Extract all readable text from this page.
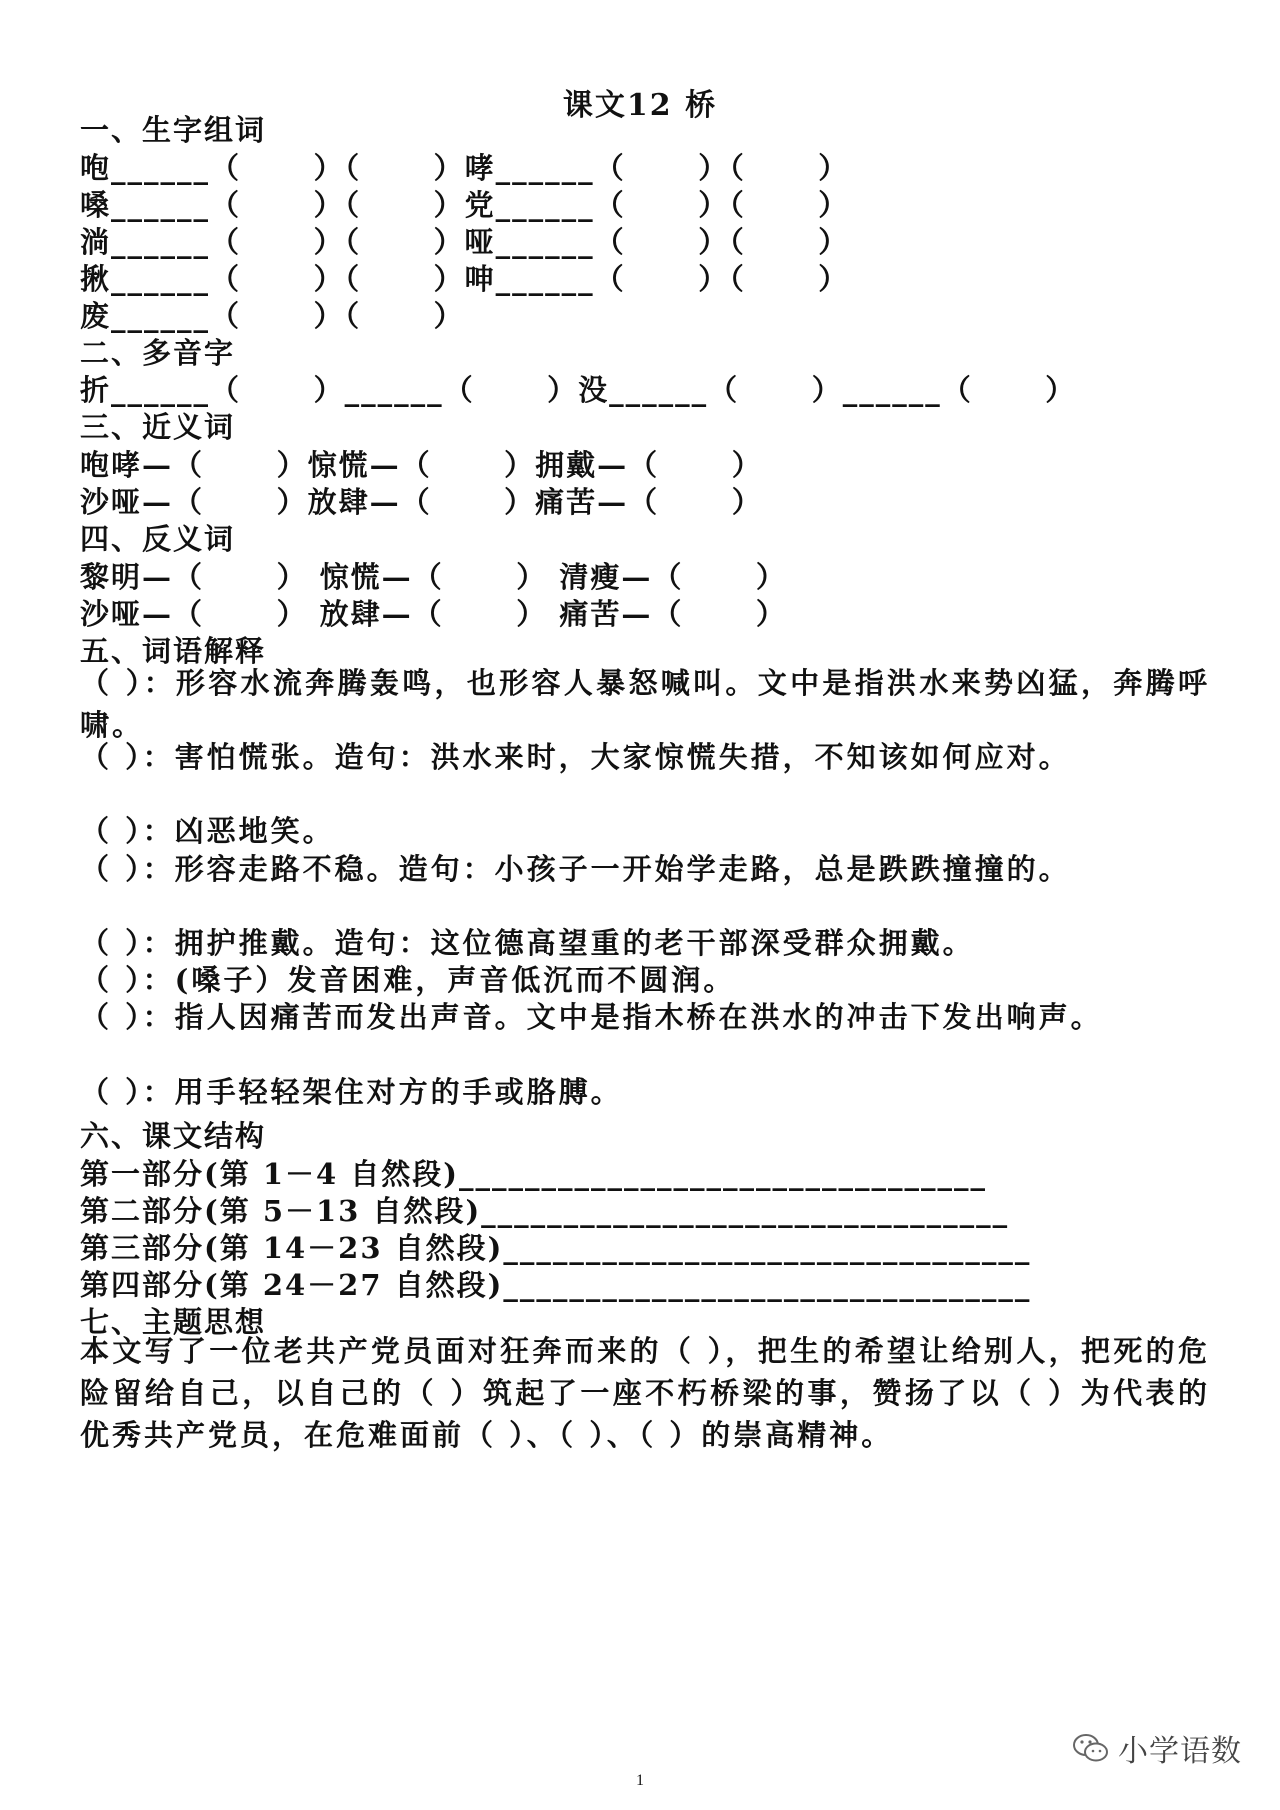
课文12 桥
一、生字组词
咆______（      ）（      ）哮______（      ）（      ）
嗓______（      ）（      ）党______（      ）（      ）
淌______（      ）（      ）哑______（      ）（      ）
揪______（      ）（      ）呻______（      ）（      ）
废______（      ）（      ）
二、多音字
折______（      ）______（      ）没______（      ）______（      ）
三、近义词
咆哮—（      ）惊慌—（      ）拥戴—（      ）
沙哑—（      ）放肆—（      ）痛苦—（      ）
四、反义词
黎明—（      ） 惊慌—（      ） 清瘦—（      ）
沙哑—（      ） 放肆—（      ） 痛苦—（      ）
五、词语解释
（ ）：形容水流奔腾轰鸣，也形容人暴怒喊叫。文中是指洪水来势凶猛，奔腾呼啸。
（ ）：害怕慌张。造句：洪水来时，大家惊慌失措，不知该如何应对。
（ ）：凶恶地笑。
（ ）：形容走路不稳。造句：小孩子一开始学走路，总是跌跌撞撞的。
（ ）：拥护推戴。造句：这位德高望重的老干部深受群众拥戴。
（ ）：(嗓子）发音困难，声音低沉而不圆润。
（ ）：指人因痛苦而发出声音。文中是指木桥在洪水的冲击下发出响声。
（ ）：用手轻轻架住对方的手或胳膊。
六、课文结构
第一部分(第 1－4 自然段)________________________________
第二部分(第 5－13 自然段)________________________________
第三部分(第 14－23 自然段)________________________________
第四部分(第 24－27 自然段)________________________________
七、主题思想
本文写了一位老共产党员面对狂奔而来的（ ），把生的希望让给别人，把死的危险留给自己，以自己的（ ）筑起了一座不朽桥梁的事，赞扬了以（ ）为代表的优秀共产党员，在危难面前（ ）、（ ）、（ ）的崇高精神。
1
小学语数
